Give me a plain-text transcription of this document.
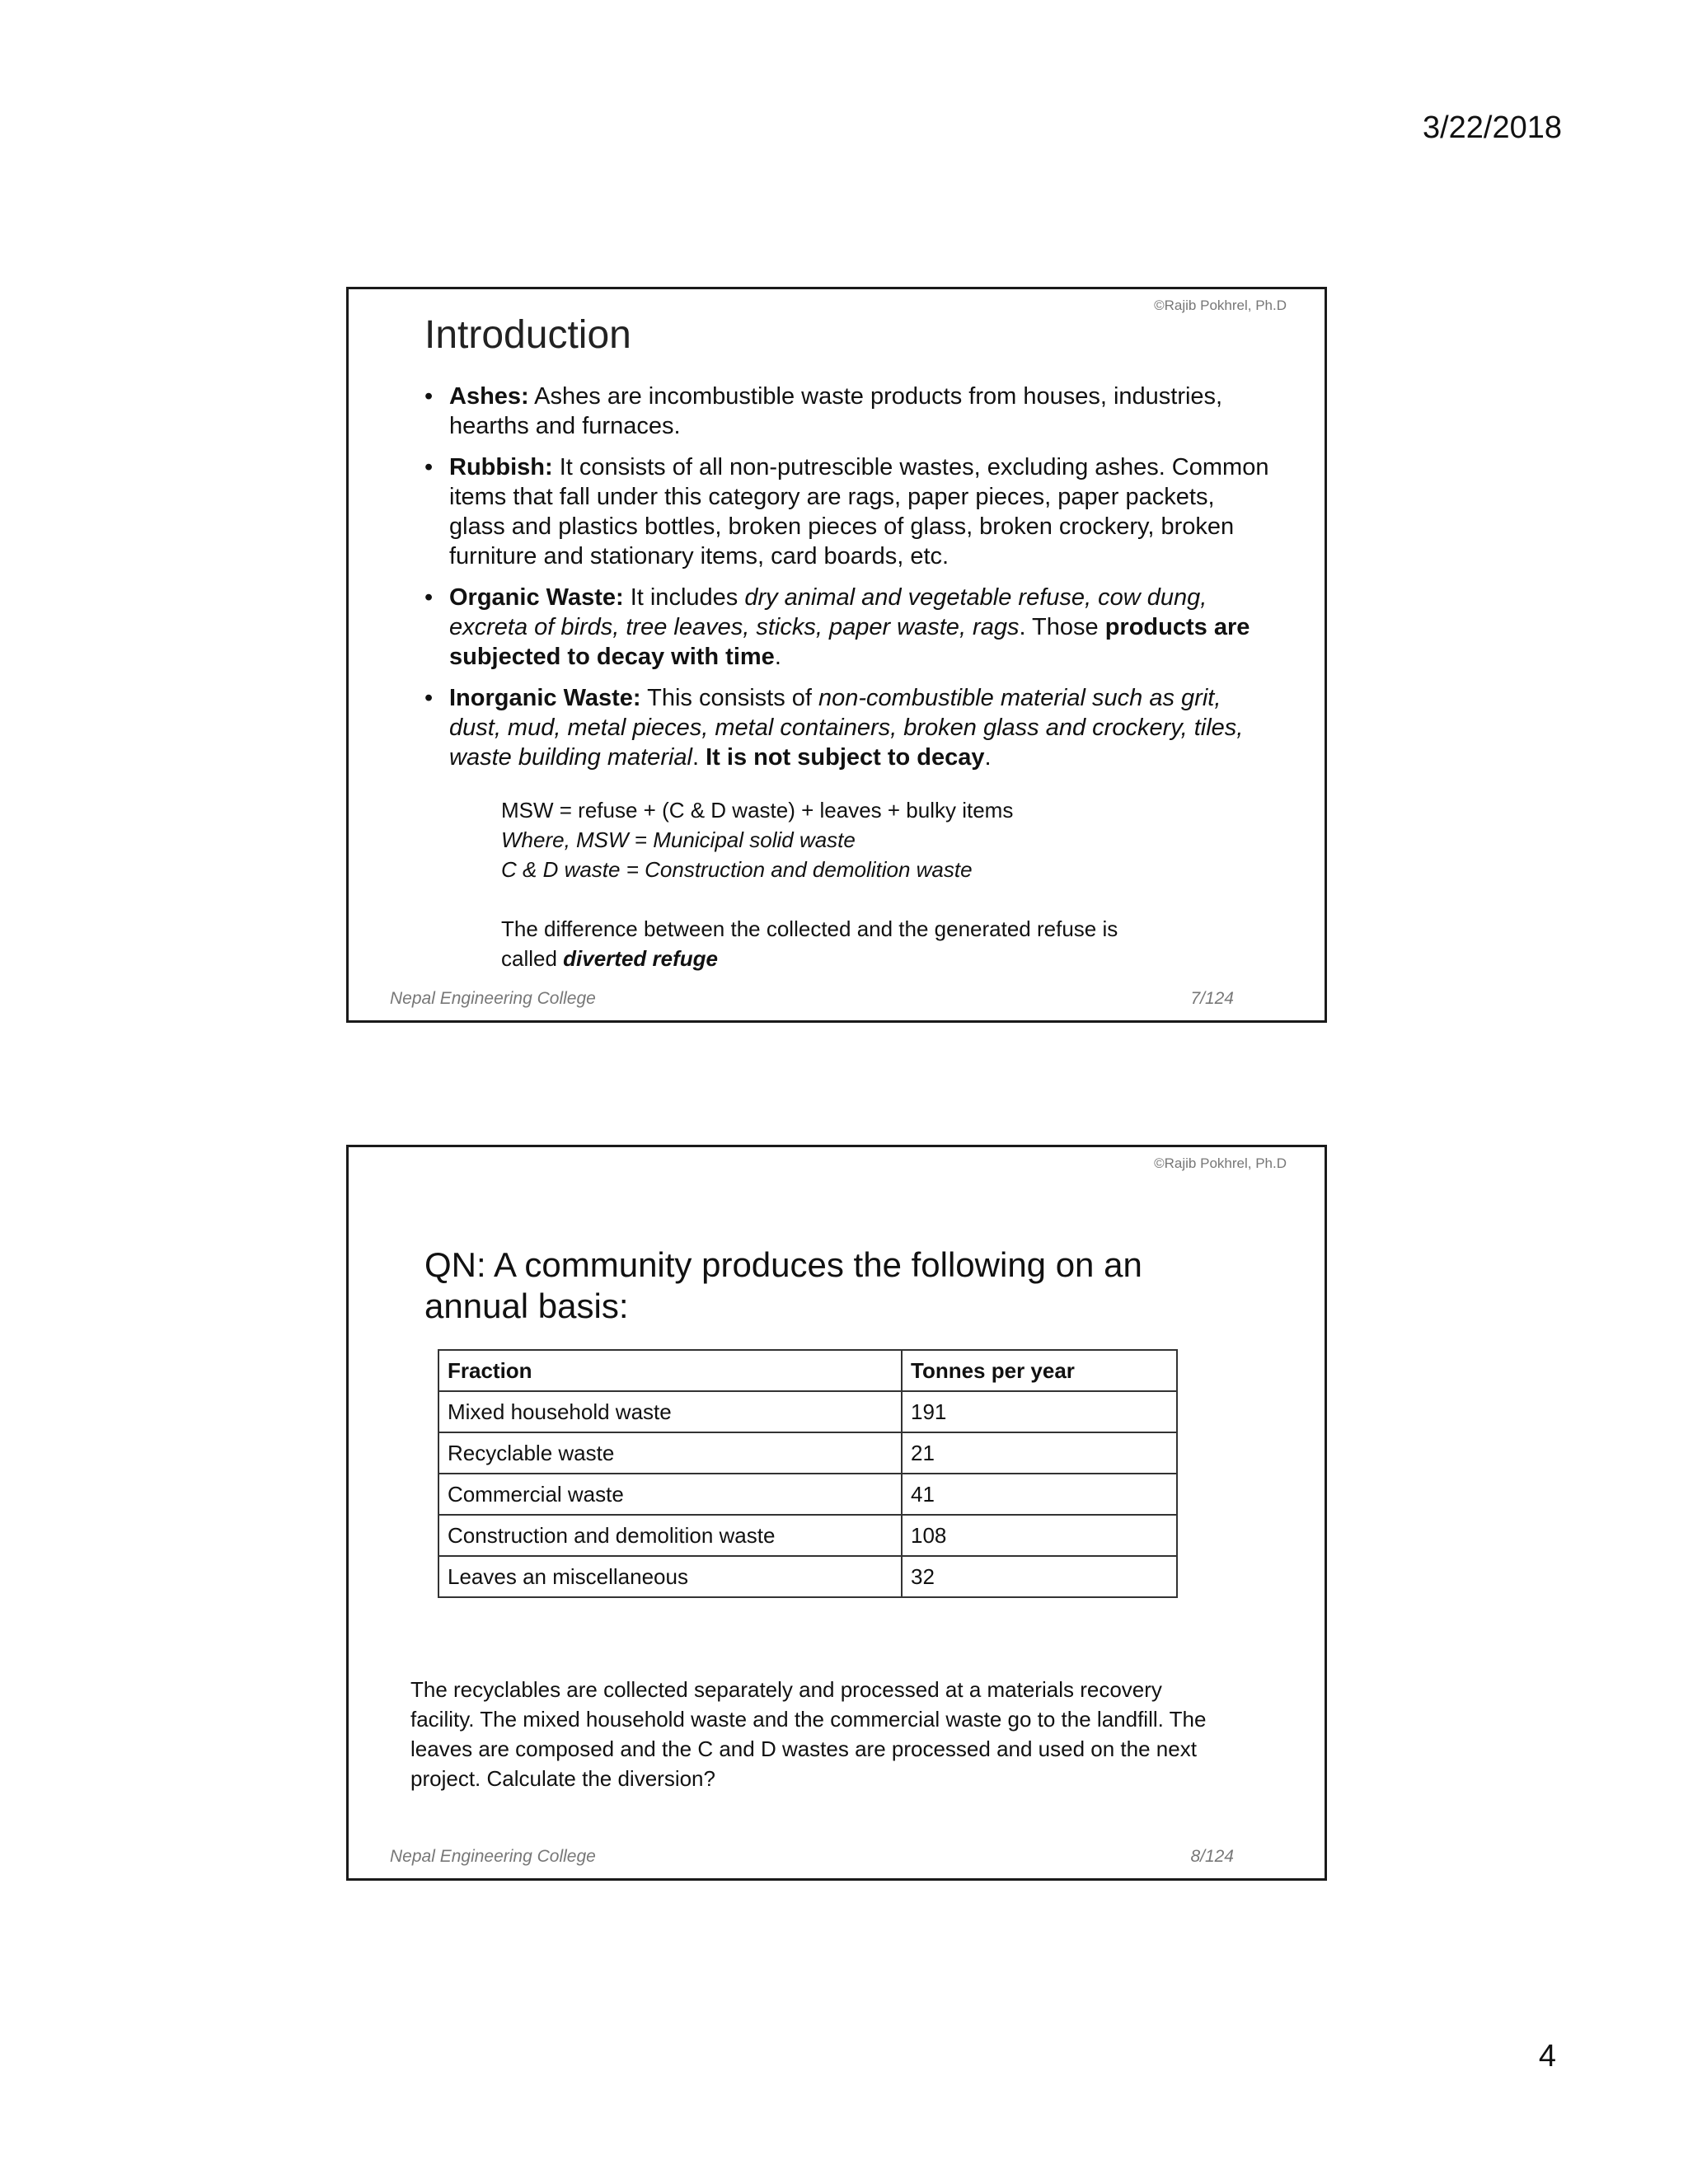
3/22/2018
©Rajib Pokhrel, Ph.D
Introduction
• Ashes: Ashes are incombustible waste products from houses, industries, hearths and furnaces.
• Rubbish: It consists of all non-putrescible wastes, excluding ashes. Common items that fall under this category are rags, paper pieces, paper packets, glass and plastics bottles, broken pieces of glass, broken crockery, broken furniture and stationary items, card boards, etc.
• Organic Waste: It includes dry animal and vegetable refuse, cow dung, excreta of birds, tree leaves, sticks, paper waste, rags. Those products are subjected to decay with time.
• Inorganic Waste: This consists of non-combustible material such as grit, dust, mud, metal pieces, metal containers, broken glass and crockery, tiles, waste building material. It is not subject to decay.
MSW = refuse + (C & D waste) + leaves + bulky items
Where, MSW = Municipal solid waste
C & D waste = Construction and demolition waste
The difference between the collected and the generated refuse is
called diverted refuge
Nepal Engineering College	7/124
©Rajib Pokhrel, Ph.D
QN: A community produces the following on an annual basis:
Fraction	Tonnes per year
Mixed household waste	191
Recyclable waste	21
Commercial waste	41
Construction and demolition waste	108
Leaves an miscellaneous	32
The recyclables are collected separately and processed at a materials recovery facility. The mixed household waste and the commercial waste go to the landfill. The leaves are composed and the C and D wastes are processed and used on the next project. Calculate the diversion?
Nepal Engineering College	8/124
4
